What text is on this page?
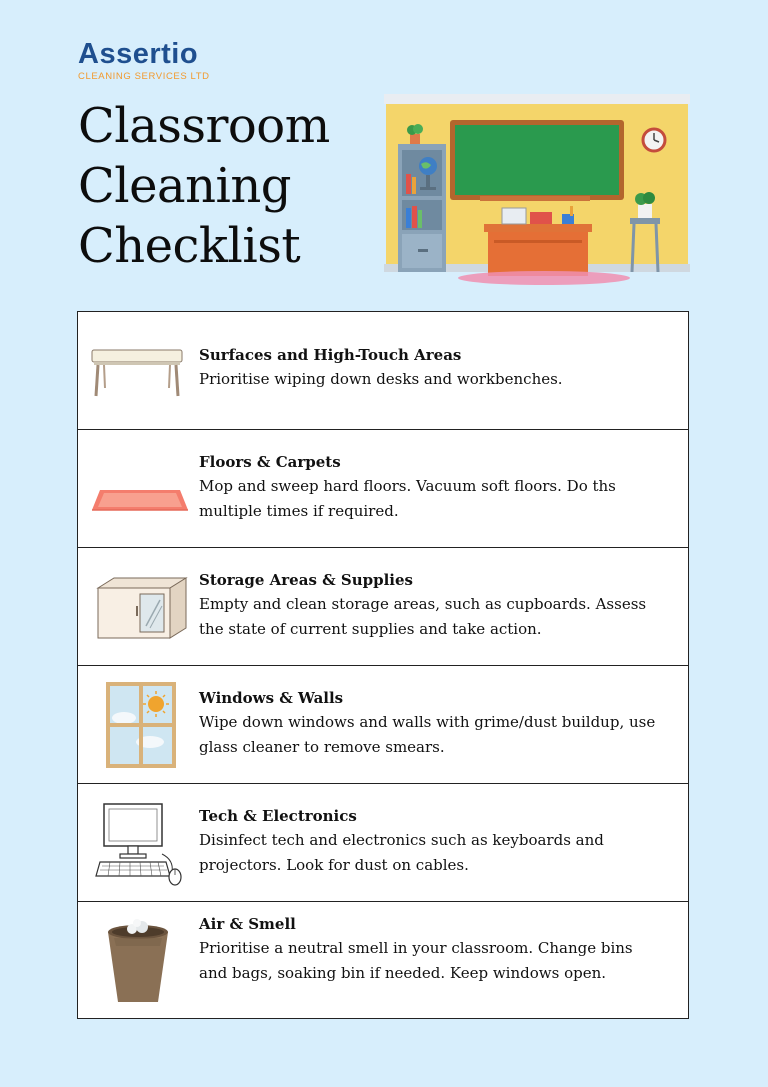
Assertio
CLEANING SERVICES LTD
Classroom
Cleaning
Checklist
Surfaces and High-Touch Areas
Prioritise wiping down desks and workbenches.
Floors & Carpets
Mop and sweep hard floors. Vacuum soft floors. Do ths multiple times if required.
Storage Areas & Supplies
Empty and clean storage areas, such as cupboards. Assess the state of current supplies and take action.
Windows & Walls
Wipe down windows and walls with grime/dust buildup, use glass cleaner to remove smears.
Tech & Electronics
Disinfect tech and electronics such as keyboards and projectors. Look for dust on cables.
Air & Smell
Prioritise a neutral smell in your classroom. Change bins and bags, soaking bin if needed. Keep windows open.
